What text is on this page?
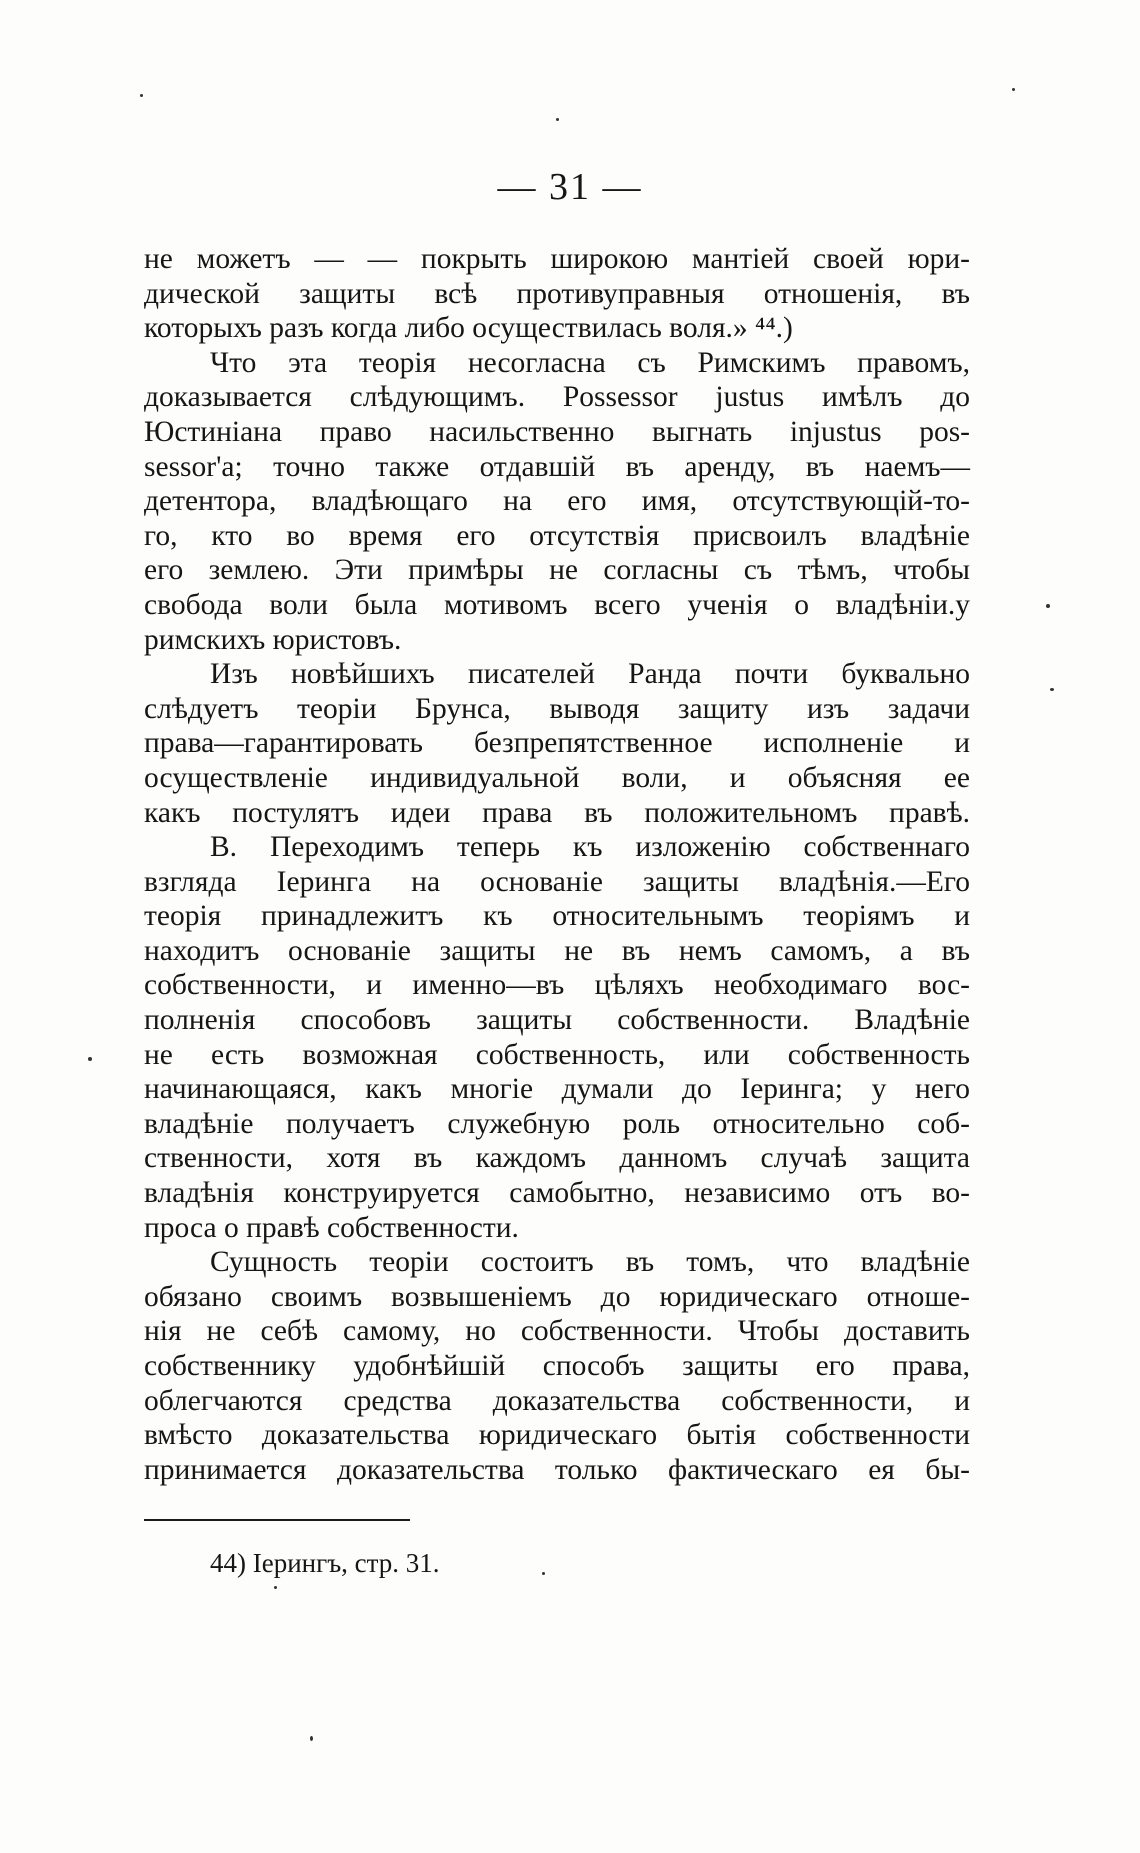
— 31 —
не можетъ — — покрыть широкою мантіей своей юри-
дической защиты всѣ противуправныя отношенія, въ
которыхъ разъ когда либо осуществилась воля.» ⁴⁴.)
Что эта теорія несогласна съ Римскимъ правомъ,
доказывается слѣдующимъ. Possessor justus имѣлъ до
Юстиніана право насильственно выгнать injustus pos-
sessor'а; точно также отдавшій въ аренду, въ наемъ—
детентора, владѣющаго на его имя, отсутствующій-то-
го, кто во время его отсутствія присвоилъ владѣніе
его землею. Эти примѣры не согласны съ тѣмъ, чтобы
свобода воли была мотивомъ всего ученія о владѣніи.у
римскихъ юристовъ.
Изъ новѣйшихъ писателей Ранда почти буквально
слѣдуетъ теоріи Брунса, выводя защиту изъ задачи
права—гарантировать безпрепятственное исполненіе и
осуществленіе индивидуальной воли, и объясняя ее
какъ постулятъ идеи права въ положительномъ правѣ.
В. Переходимъ теперь къ изложенію собственнаго
взгляда Іеринга на основаніе защиты владѣнія.—Его
теорія принадлежитъ къ относительнымъ теоріямъ и
находитъ основаніе защиты не въ немъ самомъ, а въ
собственности, и именно—въ цѣляхъ необходимаго вос-
полненія способовъ защиты собственности. Владѣніе
не есть возможная собственность, или собственность
начинающаяся, какъ многіе думали до Іеринга; у него
владѣніе получаетъ служебную роль относительно соб-
ственности, хотя въ каждомъ данномъ случаѣ защита
владѣнія конструируется самобытно, независимо отъ во-
проса о правѣ собственности.
Сущность теоріи состоитъ въ томъ, что владѣніе
обязано своимъ возвышеніемъ до юридическаго отноше-
нія не себѣ самому, но собственности. Чтобы доставить
собственнику удобнѣйшій способъ защиты его права,
облегчаются средства доказательства собственности, и
вмѣсто доказательства юридическаго бытія собственности
принимается доказательства только фактическаго ея бы-
44) Іерингъ, стр. 31.
